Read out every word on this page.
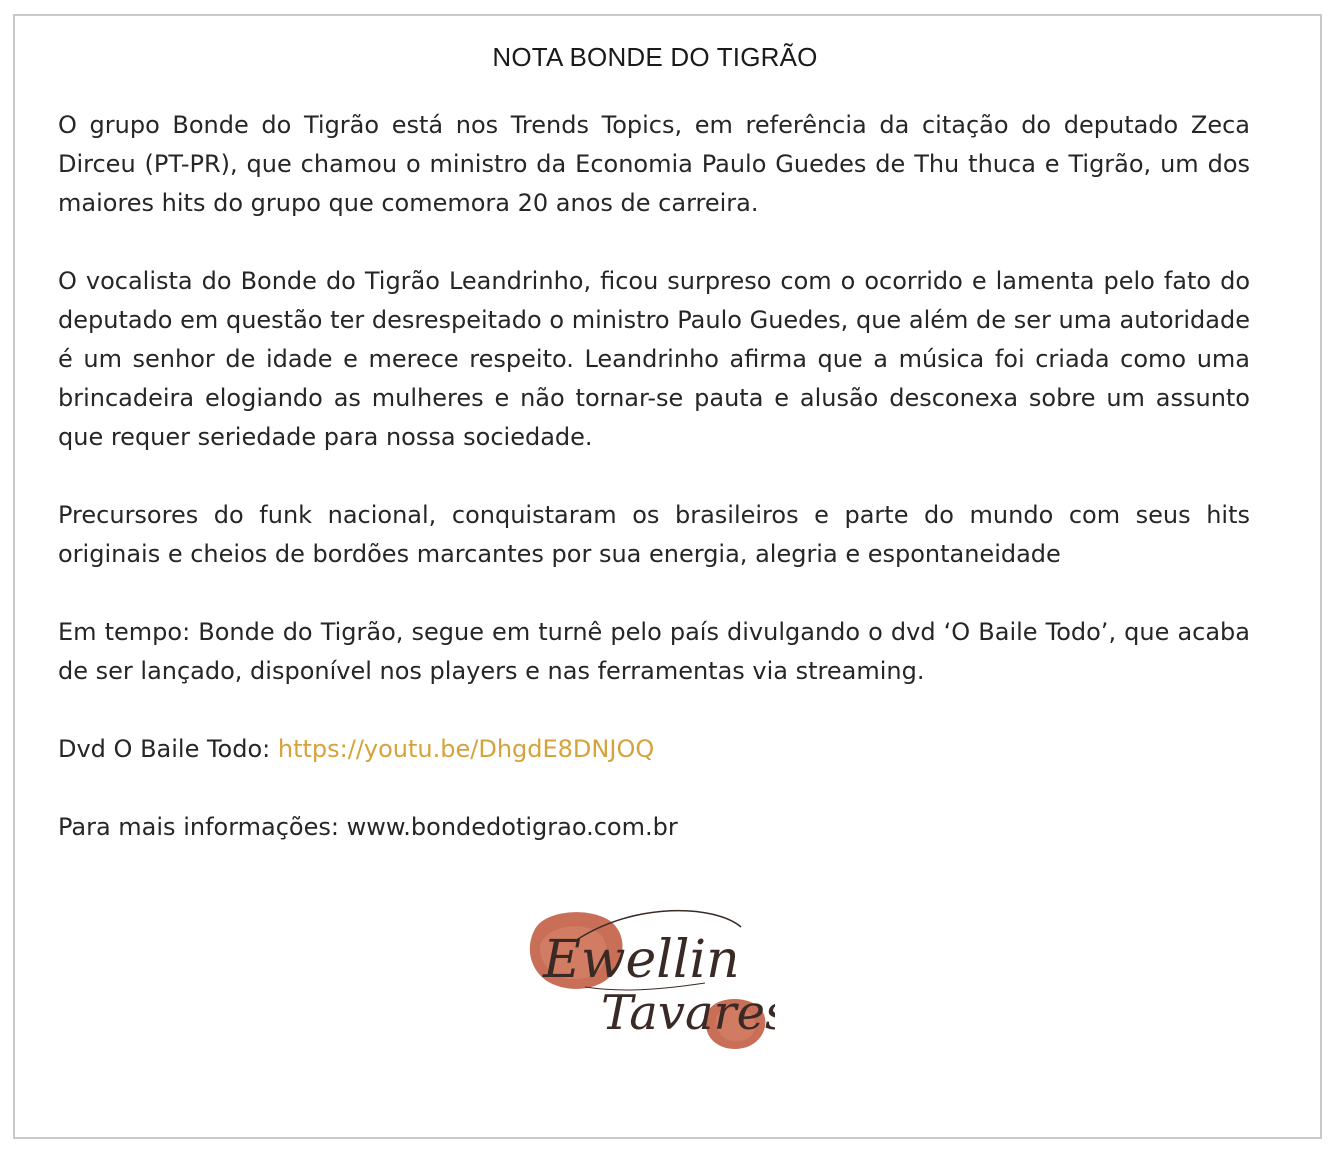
NOTA BONDE DO TIGRÃO

O grupo Bonde do Tigrão está nos Trends Topics, em referência da citação do deputado Zeca Dirceu (PT-PR), que chamou o ministro da Economia Paulo Guedes de Thu thuca e Tigrão, um dos maiores hits do grupo que comemora 20 anos de carreira.

O vocalista do Bonde do Tigrão Leandrinho, ficou surpreso com o ocorrido e lamenta pelo fato do deputado em questão ter desrespeitado o ministro Paulo Guedes, que além de ser uma autoridade é um senhor de idade e merece respeito. Leandrinho afirma que a música foi criada como uma brincadeira elogiando as mulheres e não tornar-se pauta e alusão desconexa sobre um assunto que requer seriedade para nossa sociedade.

Precursores do funk nacional, conquistaram os brasileiros e parte do mundo com seus hits originais e cheios de bordões marcantes por sua energia, alegria e espontaneidade

Em tempo: Bonde do Tigrão, segue em turnê pelo país divulgando o dvd ‘O Baile Todo’, que acaba de ser lançado, disponível nos players e nas ferramentas via streaming.

Dvd O Baile Todo: https://youtu.be/DhgdE8DNJOQ

Para mais informações: www.bondedotigrao.com.br

Ewellin
Tavares
